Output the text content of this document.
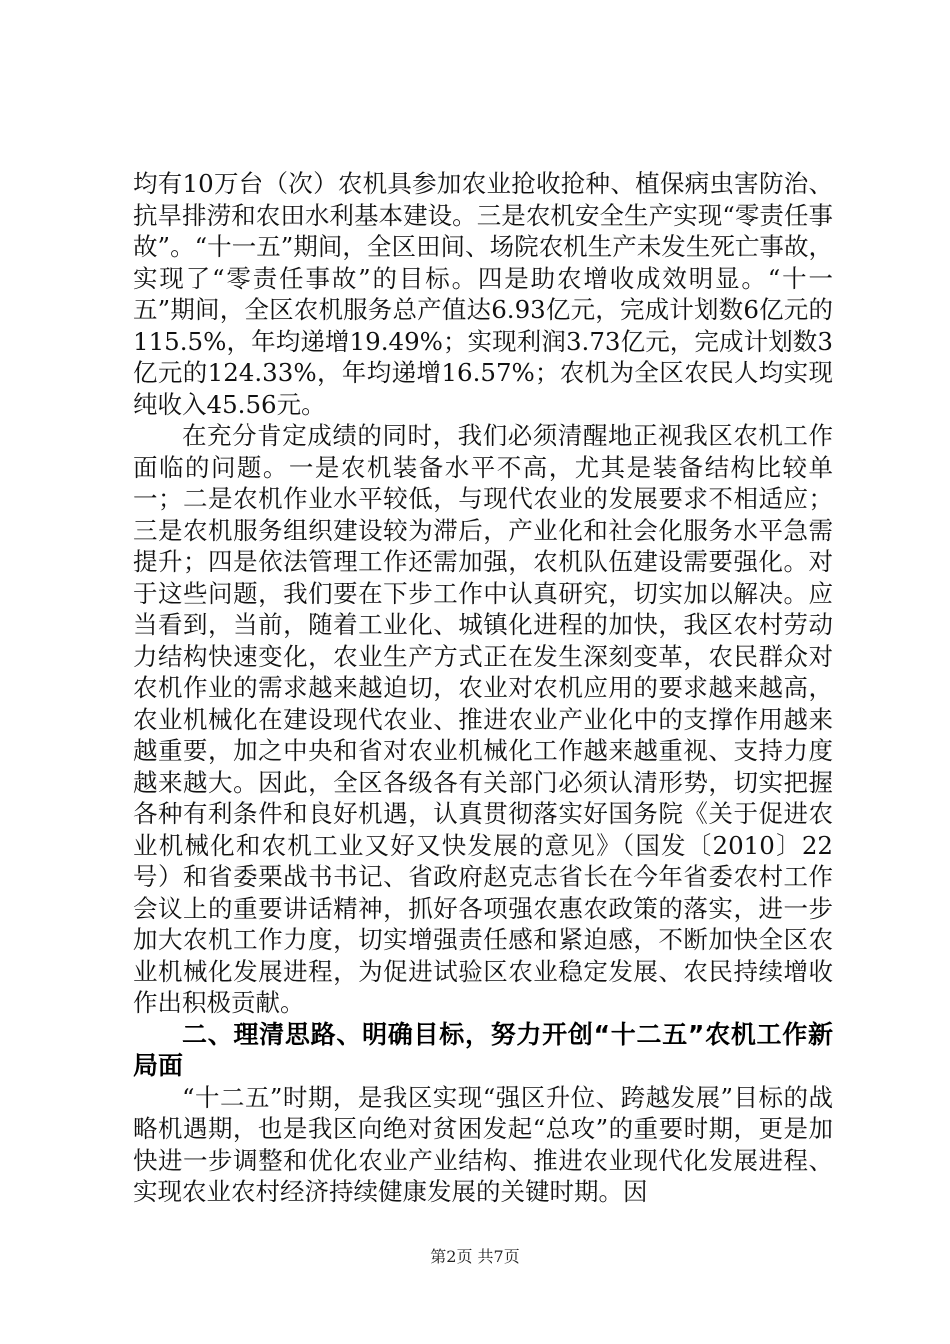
均有10万台（次）农机具参加农业抢收抢种、植保病虫害防治、抗旱排涝和农田水利基本建设。三是农机安全生产实现“零责任事故”。“十一五”期间，全区田间、场院农机生产未发生死亡事故，实现了“零责任事故”的目标。四是助农增收成效明显。“十一五”期间，全区农机服务总产值达6.93亿元，完成计划数6亿元的115.5%，年均递增19.49%；实现利润3.73亿元，完成计划数3亿元的124.33%，年均递增16.57%；农机为全区农民人均实现纯收入45.56元。

在充分肯定成绩的同时，我们必须清醒地正视我区农机工作面临的问题。一是农机装备水平不高，尤其是装备结构比较单一；二是农机作业水平较低，与现代农业的发展要求不相适应；三是农机服务组织建设较为滞后，产业化和社会化服务水平急需提升；四是依法管理工作还需加强，农机队伍建设需要强化。对于这些问题，我们要在下步工作中认真研究，切实加以解决。应当看到，当前，随着工业化、城镇化进程的加快，我区农村劳动力结构快速变化，农业生产方式正在发生深刻变革，农民群众对农机作业的需求越来越迫切，农业对农机应用的要求越来越高，农业机械化在建设现代农业、推进农业产业化中的支撑作用越来越重要，加之中央和省对农业机械化工作越来越重视、支持力度越来越大。因此，全区各级各有关部门必须认清形势，切实把握各种有利条件和良好机遇，认真贯彻落实好国务院《关于促进农业机械化和农机工业又好又快发展的意见》（国发〔2010〕22号）和省委栗战书书记、省政府赵克志省长在今年省委农村工作会议上的重要讲话精神，抓好各项强农惠农政策的落实，进一步加大农机工作力度，切实增强责任感和紧迫感，不断加快全区农业机械化发展进程，为促进试验区农业稳定发展、农民持续增收作出积极贡献。

二、理清思路、明确目标，努力开创“十二五”农机工作新局面

“十二五”时期，是我区实现“强区升位、跨越发展”目标的战略机遇期，也是我区向绝对贫困发起“总攻”的重要时期，更是加快进一步调整和优化农业产业结构、推进农业现代化发展进程、实现农业农村经济持续健康发展的关键时期。因

第2页 共7页
